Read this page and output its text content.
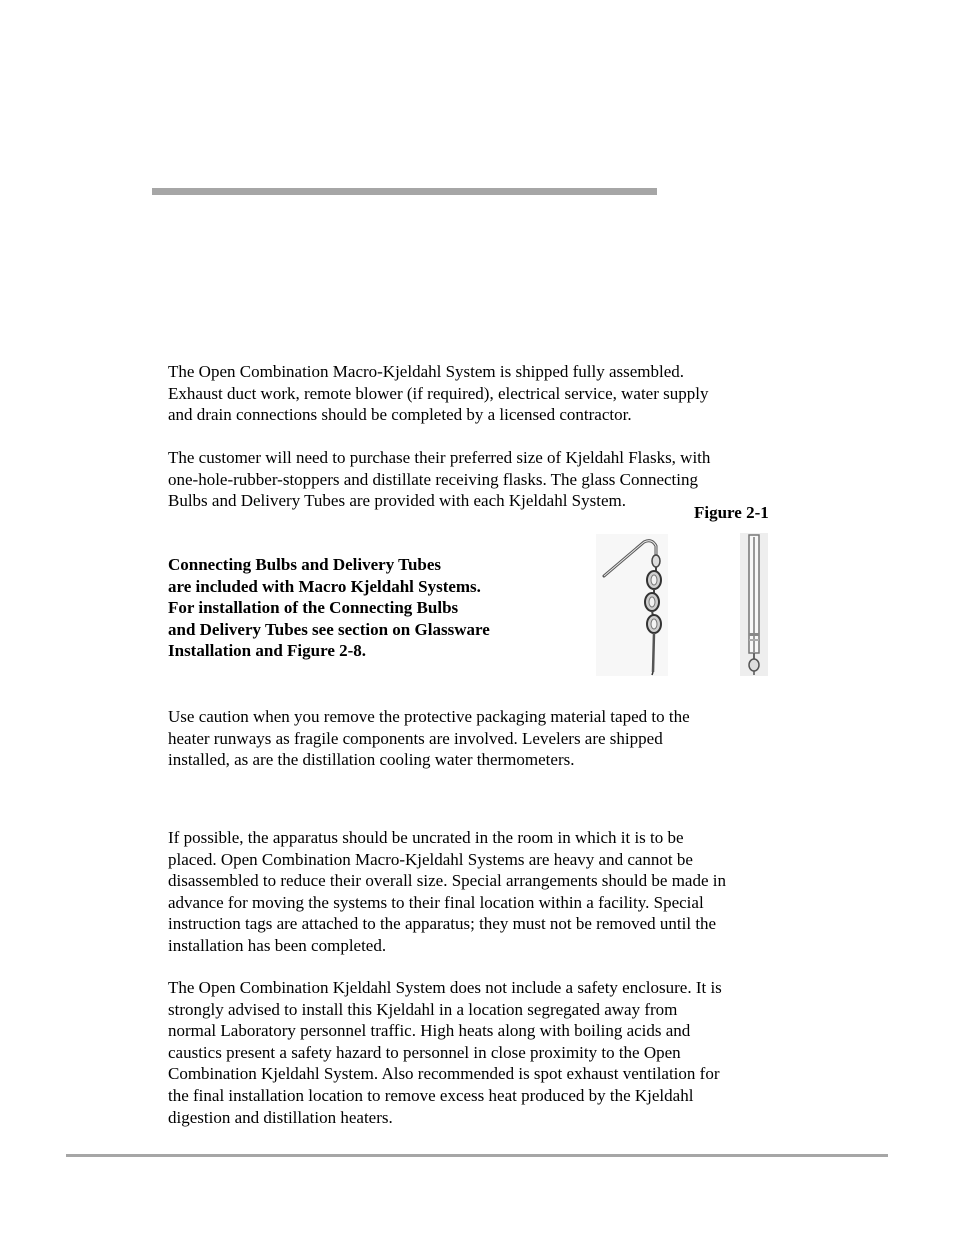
The Open Combination Macro-Kjeldahl System is shipped fully assembled.
Exhaust duct work, remote blower (if required), electrical service, water supply
and drain connections should be completed by a licensed contractor.

The customer will need to purchase their preferred size of Kjeldahl Flasks, with
one-hole-rubber-stoppers and distillate receiving flasks. The glass Connecting
Bulbs and Delivery Tubes are provided with each Kjeldahl System.

Figure 2-1

Connecting Bulbs and Delivery Tubes
are included with Macro Kjeldahl Systems.
For installation of the Connecting Bulbs
and Delivery Tubes see section on Glassware
Installation and Figure 2-8.

Use caution when you remove the protective packaging material taped to the
heater runways as fragile components are involved. Levelers are shipped
installed, as are the distillation cooling water thermometers.

If possible, the apparatus should be uncrated in the room in which it is to be
placed. Open Combination Macro-Kjeldahl Systems are heavy and cannot be
disassembled to reduce their overall size. Special arrangements should be made in
advance for moving the systems to their final location within a facility. Special
instruction tags are attached to the apparatus; they must not be removed until the
installation has been completed.

The Open Combination Kjeldahl System does not include a safety enclosure. It is
strongly advised to install this Kjeldahl in a location segregated away from
normal Laboratory personnel traffic. High heats along with boiling acids and
caustics present a safety hazard to personnel in close proximity to the Open
Combination Kjeldahl System. Also recommended is spot exhaust ventilation for
the final installation location to remove excess heat produced by the Kjeldahl
digestion and distillation heaters.
